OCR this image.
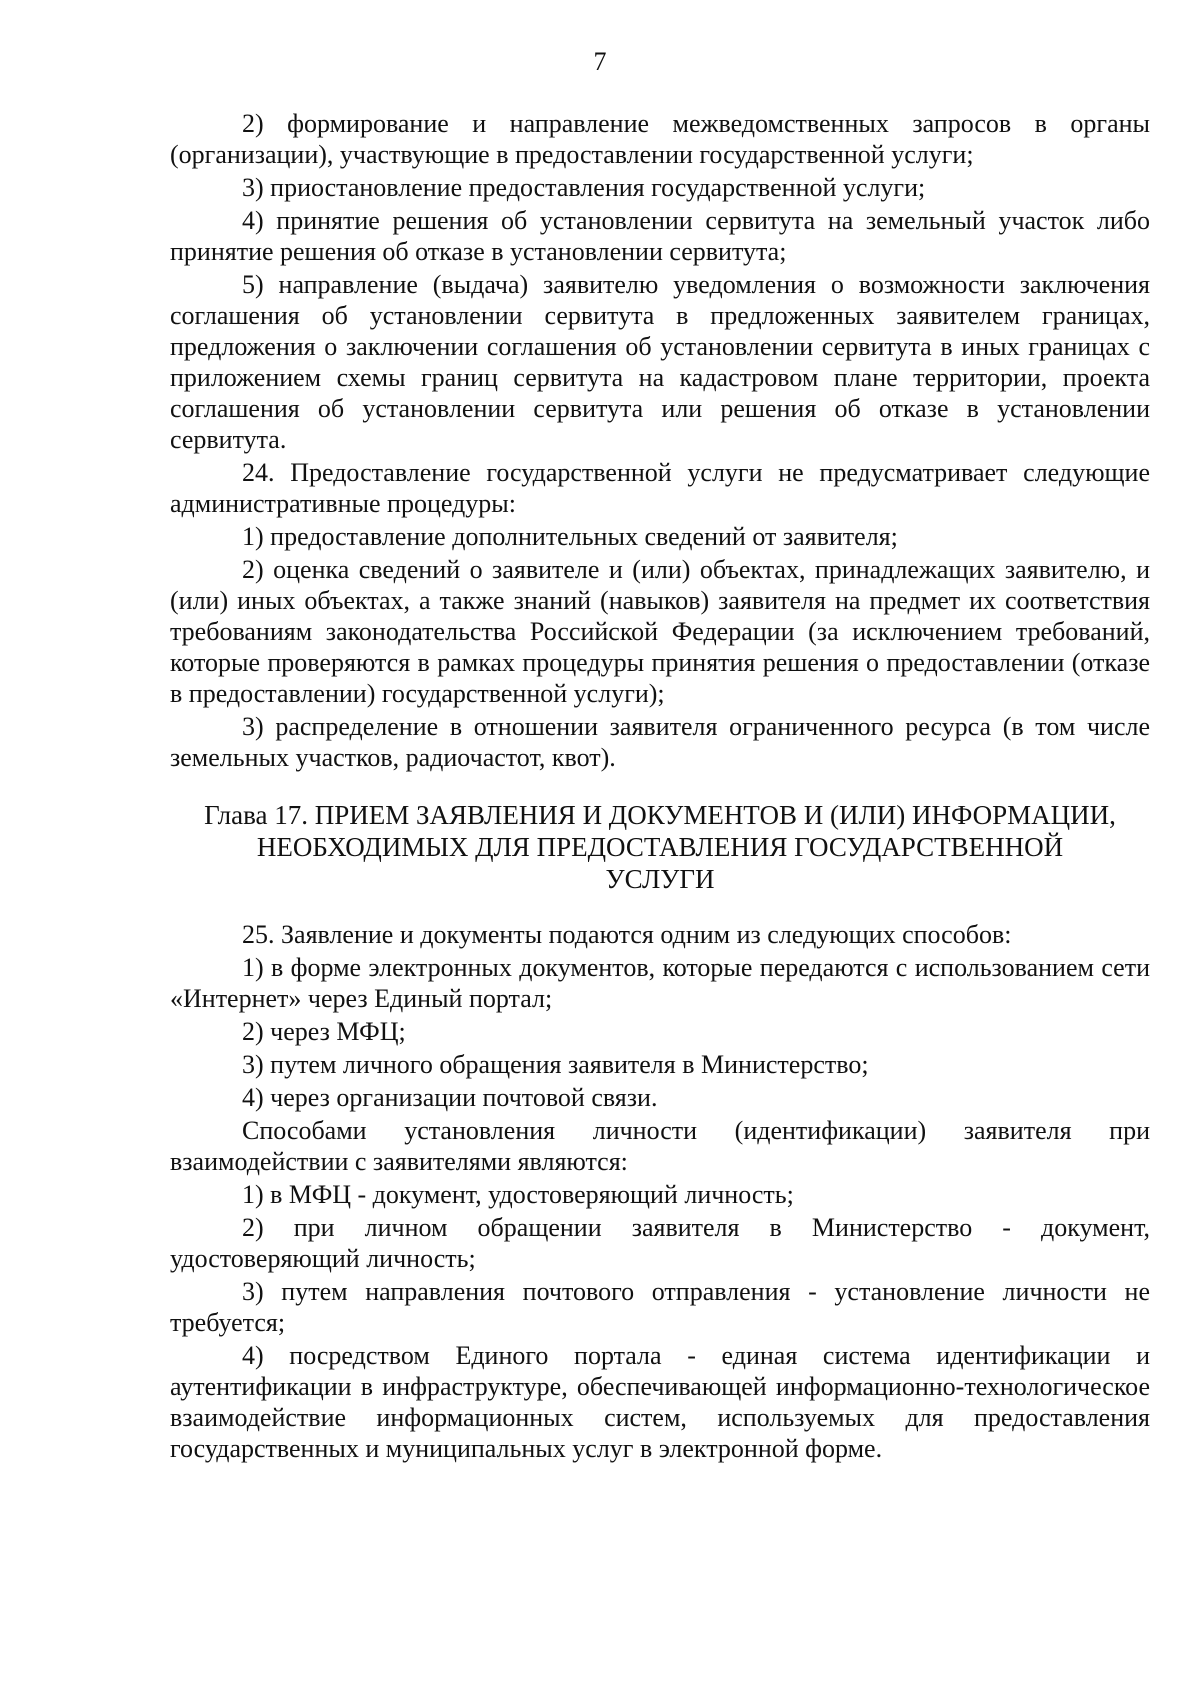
7

2) формирование и направление межведомственных запросов в органы (организации), участвующие в предоставлении государственной услуги;

3) приостановление предоставления государственной услуги;

4) принятие решения об установлении сервитута на земельный участок либо принятие решения об отказе в установлении сервитута;

5) направление (выдача) заявителю уведомления о возможности заключения соглашения об установлении сервитута в предложенных заявителем границах, предложения о заключении соглашения об установлении сервитута в иных границах с приложением схемы границ сервитута на кадастровом плане территории, проекта соглашения об установлении сервитута или решения об отказе в установлении сервитута.

24. Предоставление государственной услуги не предусматривает следующие административные процедуры:

1) предоставление дополнительных сведений от заявителя;

2) оценка сведений о заявителе и (или) объектах, принадлежащих заявителю, и (или) иных объектах, а также знаний (навыков) заявителя на предмет их соответствия требованиям законодательства Российской Федерации (за исключением требований, которые проверяются в рамках процедуры принятия решения о предоставлении (отказе в предоставлении) государственной услуги);

3) распределение в отношении заявителя ограниченного ресурса (в том числе земельных участков, радиочастот, квот).

Глава 17. ПРИЕМ ЗАЯВЛЕНИЯ И ДОКУМЕНТОВ И (ИЛИ) ИНФОРМАЦИИ,
НЕОБХОДИМЫХ ДЛЯ ПРЕДОСТАВЛЕНИЯ ГОСУДАРСТВЕННОЙ
УСЛУГИ

25. Заявление и документы подаются одним из следующих способов:

1) в форме электронных документов, которые передаются с использованием сети «Интернет» через Единый портал;

2) через МФЦ;

3) путем личного обращения заявителя в Министерство;

4) через организации почтовой связи.

Способами установления личности (идентификации) заявителя при взаимодействии с заявителями являются:

1) в МФЦ - документ, удостоверяющий личность;

2) при личном обращении заявителя в Министерство - документ, удостоверяющий личность;

3) путем направления почтового отправления - установление личности не требуется;

4) посредством Единого портала - единая система идентификации и аутентификации в инфраструктуре, обеспечивающей информационно-технологическое взаимодействие информационных систем, используемых для предоставления государственных и муниципальных услуг в электронной форме.
